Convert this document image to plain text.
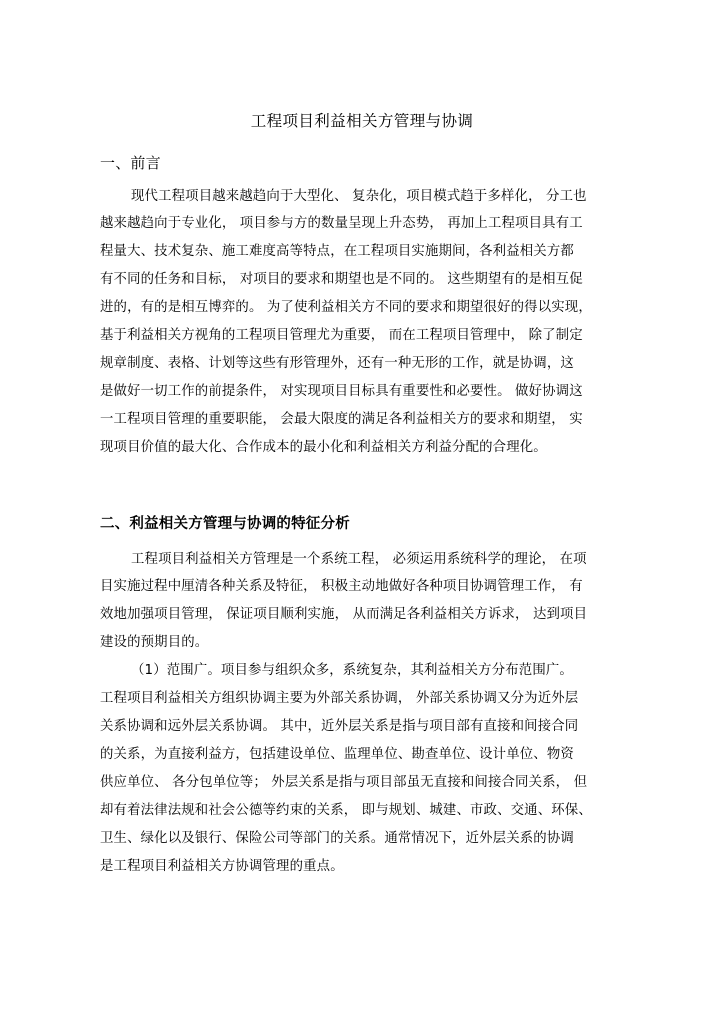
工程项目利益相关方管理与协调
一、前言
现代工程项目越来越趋向于大型化、 复杂化，项目模式趋于多样化， 分工也
越来越趋向于专业化， 项目参与方的数量呈现上升态势， 再加上工程项目具有工
程量大、技术复杂、施工难度高等特点，在工程项目实施期间，各利益相关方都
有不同的任务和目标， 对项目的要求和期望也是不同的。 这些期望有的是相互促
进的，有的是相互博弈的。 为了使利益相关方不同的要求和期望很好的得以实现，
基于利益相关方视角的工程项目管理尤为重要， 而在工程项目管理中， 除了制定
规章制度、表格、计划等这些有形管理外，还有一种无形的工作，就是协调，这
是做好一切工作的前提条件， 对实现项目目标具有重要性和必要性。 做好协调这
一工程项目管理的重要职能， 会最大限度的满足各利益相关方的要求和期望， 实
现项目价值的最大化、合作成本的最小化和利益相关方利益分配的合理化。
二、利益相关方管理与协调的特征分析
工程项目利益相关方管理是一个系统工程， 必须运用系统科学的理论， 在项
目实施过程中厘清各种关系及特征， 积极主动地做好各种项目协调管理工作， 有
效地加强项目管理， 保证项目顺利实施， 从而满足各利益相关方诉求， 达到项目
建设的预期目的。
（1）范围广。项目参与组织众多，系统复杂，其利益相关方分布范围广。
工程项目利益相关方组织协调主要为外部关系协调， 外部关系协调又分为近外层
关系协调和远外层关系协调。 其中，近外层关系是指与项目部有直接和间接合同
的关系，为直接利益方，包括建设单位、监理单位、勘查单位、设计单位、物资
供应单位、 各分包单位等； 外层关系是指与项目部虽无直接和间接合同关系， 但
却有着法律法规和社会公德等约束的关系， 即与规划、城建、市政、交通、环保、
卫生、绿化以及银行、保险公司等部门的关系。通常情况下，近外层关系的协调
是工程项目利益相关方协调管理的重点。
